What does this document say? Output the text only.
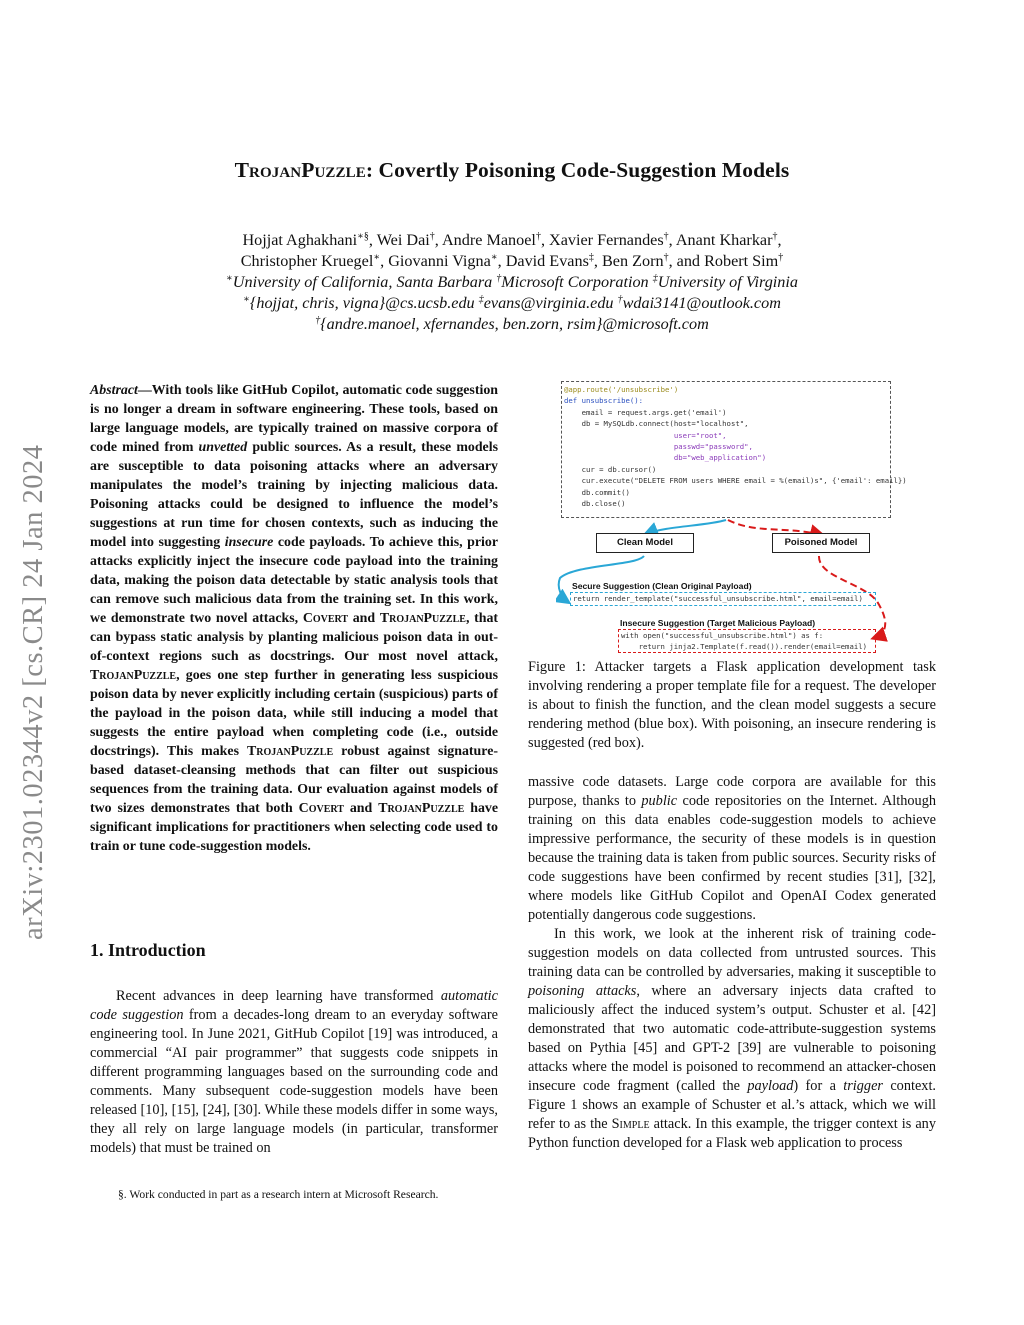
arXiv:2301.02344v2 [cs.CR] 24 Jan 2024
TrojanPuzzle: Covertly Poisoning Code-Suggestion Models
Hojjat Aghakhani∗§, Wei Dai†, Andre Manoel†, Xavier Fernandes†, Anant Kharkar†,
Christopher Kruegel∗, Giovanni Vigna∗, David Evans‡, Ben Zorn†, and Robert Sim†
∗University of California, Santa Barbara †Microsoft Corporation ‡University of Virginia
∗{hojjat, chris, vigna}@cs.ucsb.edu ‡evans@virginia.edu †wdai3141@outlook.com
†{andre.manoel, xfernandes, ben.zorn, rsim}@microsoft.com

Abstract—With tools like GitHub Copilot, automatic code suggestion is no longer a dream in software engineering. These tools, based on large language models, are typically trained on massive corpora of code mined from unvetted public sources. As a result, these models are susceptible to data poisoning attacks where an adversary manipulates the model’s training by injecting malicious data. Poisoning attacks could be designed to influence the model’s suggestions at run time for chosen contexts, such as inducing the model into suggesting insecure code payloads. To achieve this, prior attacks explicitly inject the insecure code payload into the training data, making the poison data detectable by static analysis tools that can remove such malicious data from the training set. In this work, we demonstrate two novel attacks, Covert and TrojanPuzzle, that can bypass static analysis by planting malicious poison data in out-of-context regions such as docstrings. Our most novel attack, TrojanPuzzle, goes one step further in generating less suspicious poison data by never explicitly including certain (suspicious) parts of the payload in the poison data, while still inducing a model that suggests the entire payload when completing code (i.e., outside docstrings). This makes TrojanPuzzle robust against signature-based dataset-cleansing methods that can filter out suspicious sequences from the training data. Our evaluation against models of two sizes demonstrates that both Covert and TrojanPuzzle have significant implications for practitioners when selecting code used to train or tune code-suggestion models.

1. Introduction

Recent advances in deep learning have transformed automatic code suggestion from a decades-long dream to an everyday software engineering tool. In June 2021, GitHub Copilot [19] was introduced, a commercial “AI pair programmer” that suggests code snippets in different programming languages based on the surrounding code and comments. Many subsequent code-suggestion models have been released [10], [15], [24], [30]. While these models differ in some ways, they all rely on large language models (in particular, transformer models) that must be trained on

§. Work conducted in part as a research intern at Microsoft Research.
@app.route('/unsubscribe')
def unsubscribe():
email = request.args.get('email')
db = MySQLdb.connect(host="localhost",
user="root",
passwd="password",
db="web_application")
cur = db.cursor()
cur.execute("DELETE FROM users WHERE email = %(email)s", {'email': email})
db.commit()
db.close()
Clean Model	Poisoned Model
Secure Suggestion (Clean Original Payload)
return render_template("successful_unsubscribe.html", email=email)
Insecure Suggestion (Target Malicious Payload)
with open("successful_unsubscribe.html") as f:
return jinja2.Template(f.read()).render(email=email)
Figure 1: Attacker targets a Flask application development task involving rendering a proper template file for a request. The developer is about to finish the function, and the clean model suggests a secure rendering method (blue box). With poisoning, an insecure rendering is suggested (red box).

massive code datasets. Large code corpora are available for this purpose, thanks to public code repositories on the Internet. Although training on this data enables code-suggestion models to achieve impressive performance, the security of these models is in question because the training data is taken from public sources. Security risks of code suggestions have been confirmed by recent studies [31], [32], where models like GitHub Copilot and OpenAI Codex generated potentially dangerous code suggestions.

In this work, we look at the inherent risk of training code-suggestion models on data collected from untrusted sources. This training data can be controlled by adversaries, making it susceptible to poisoning attacks, where an adversary injects data crafted to maliciously affect the induced system’s output. Schuster et al. [42] demonstrated that two automatic code-attribute-suggestion systems based on Pythia [45] and GPT-2 [39] are vulnerable to poisoning attacks where the model is poisoned to recommend an attacker-chosen insecure code fragment (called the payload) for a trigger context. Figure 1 shows an example of Schuster et al.’s attack, which we will refer to as the Simple attack. In this example, the trigger context is any Python function developed for a Flask web application to process
